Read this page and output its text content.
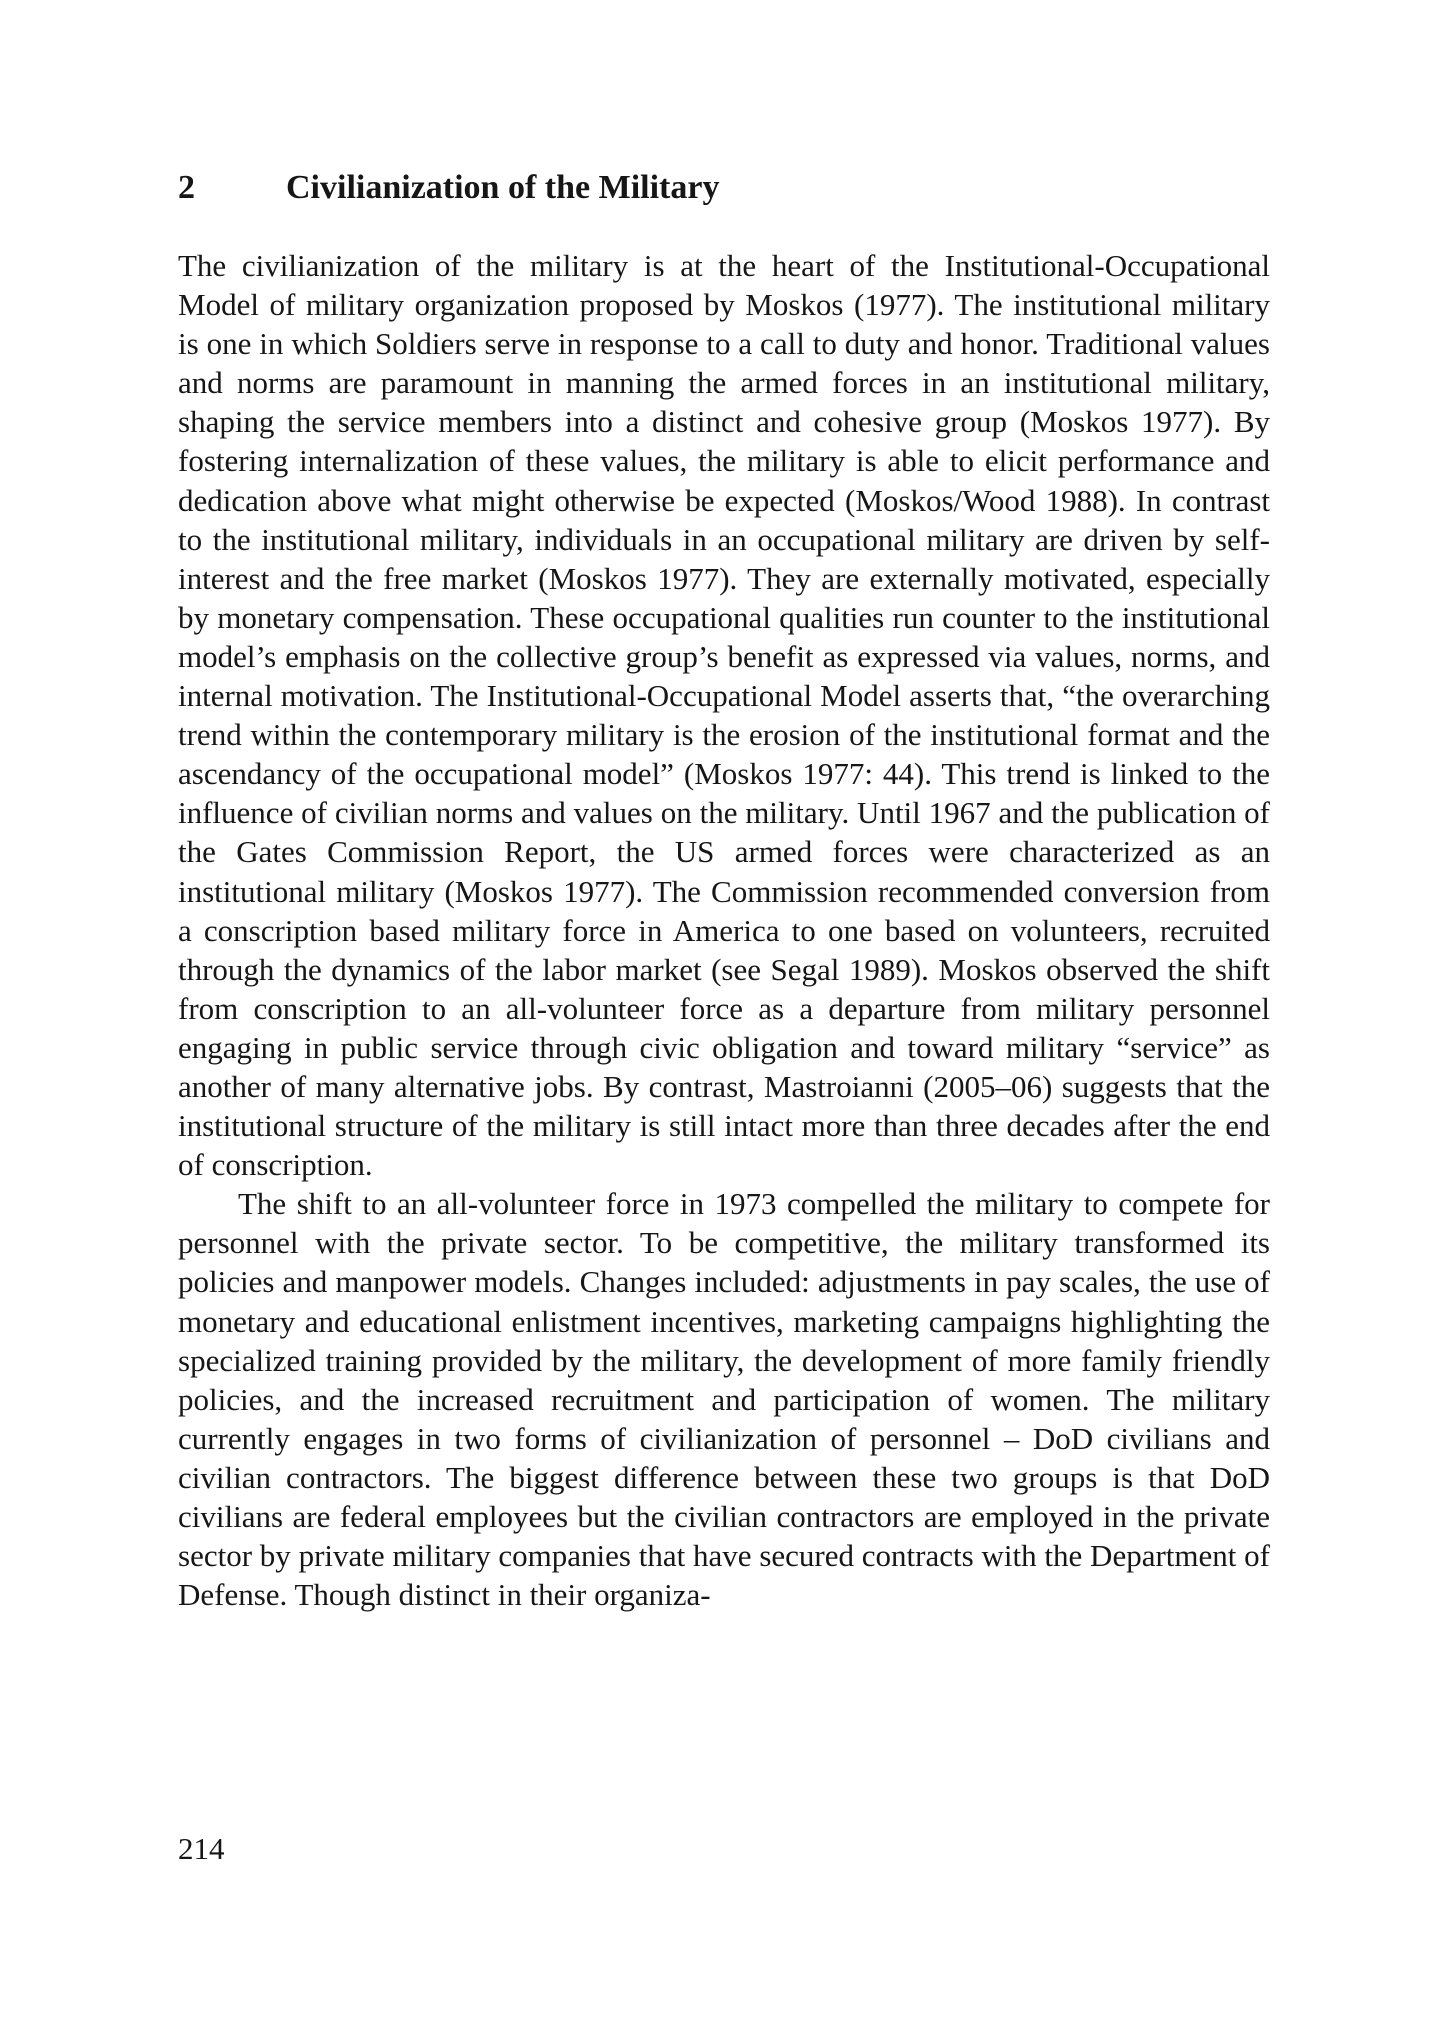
2	Civilianization of the Military

The civilianization of the military is at the heart of the Institutional-Occupational Model of military organization proposed by Moskos (1977). The institutional military is one in which Soldiers serve in response to a call to duty and honor. Traditional values and norms are paramount in manning the armed forces in an institutional military, shaping the service members into a distinct and cohesive group (Moskos 1977). By fostering internalization of these values, the military is able to elicit performance and dedication above what might otherwise be expected (Moskos/Wood 1988). In contrast to the institutional military, individuals in an occupational military are driven by self-interest and the free market (Moskos 1977). They are externally motivated, especially by monetary compensation. These occupational qualities run counter to the institutional model’s emphasis on the collective group’s benefit as expressed via values, norms, and internal motivation. The Institutional-Occupational Model asserts that, “the overarching trend within the contemporary military is the erosion of the institutional format and the ascendancy of the occupational model” (Moskos 1977: 44). This trend is linked to the influence of civilian norms and values on the military. Until 1967 and the publication of the Gates Commission Report, the US armed forces were characterized as an institutional military (Moskos 1977). The Commission recommended conversion from a conscription based military force in America to one based on volunteers, recruited through the dynamics of the labor market (see Segal 1989). Moskos observed the shift from conscription to an all-volunteer force as a departure from military personnel engaging in public service through civic obligation and toward military “service” as another of many alternative jobs. By contrast, Mastroianni (2005–06) suggests that the institutional structure of the military is still intact more than three decades after the end of conscription.

The shift to an all-volunteer force in 1973 compelled the military to compete for personnel with the private sector. To be competitive, the military transformed its policies and manpower models. Changes included: adjustments in pay scales, the use of monetary and educational enlistment incentives, marketing campaigns highlighting the specialized training provided by the military, the development of more family friendly policies, and the increased recruitment and participation of women. The military currently engages in two forms of civilianization of personnel – DoD civilians and civilian contractors. The biggest difference between these two groups is that DoD civilians are federal employees but the civilian contractors are employed in the private sector by private military companies that have secured contracts with the Department of Defense. Though distinct in their organiza-

214
